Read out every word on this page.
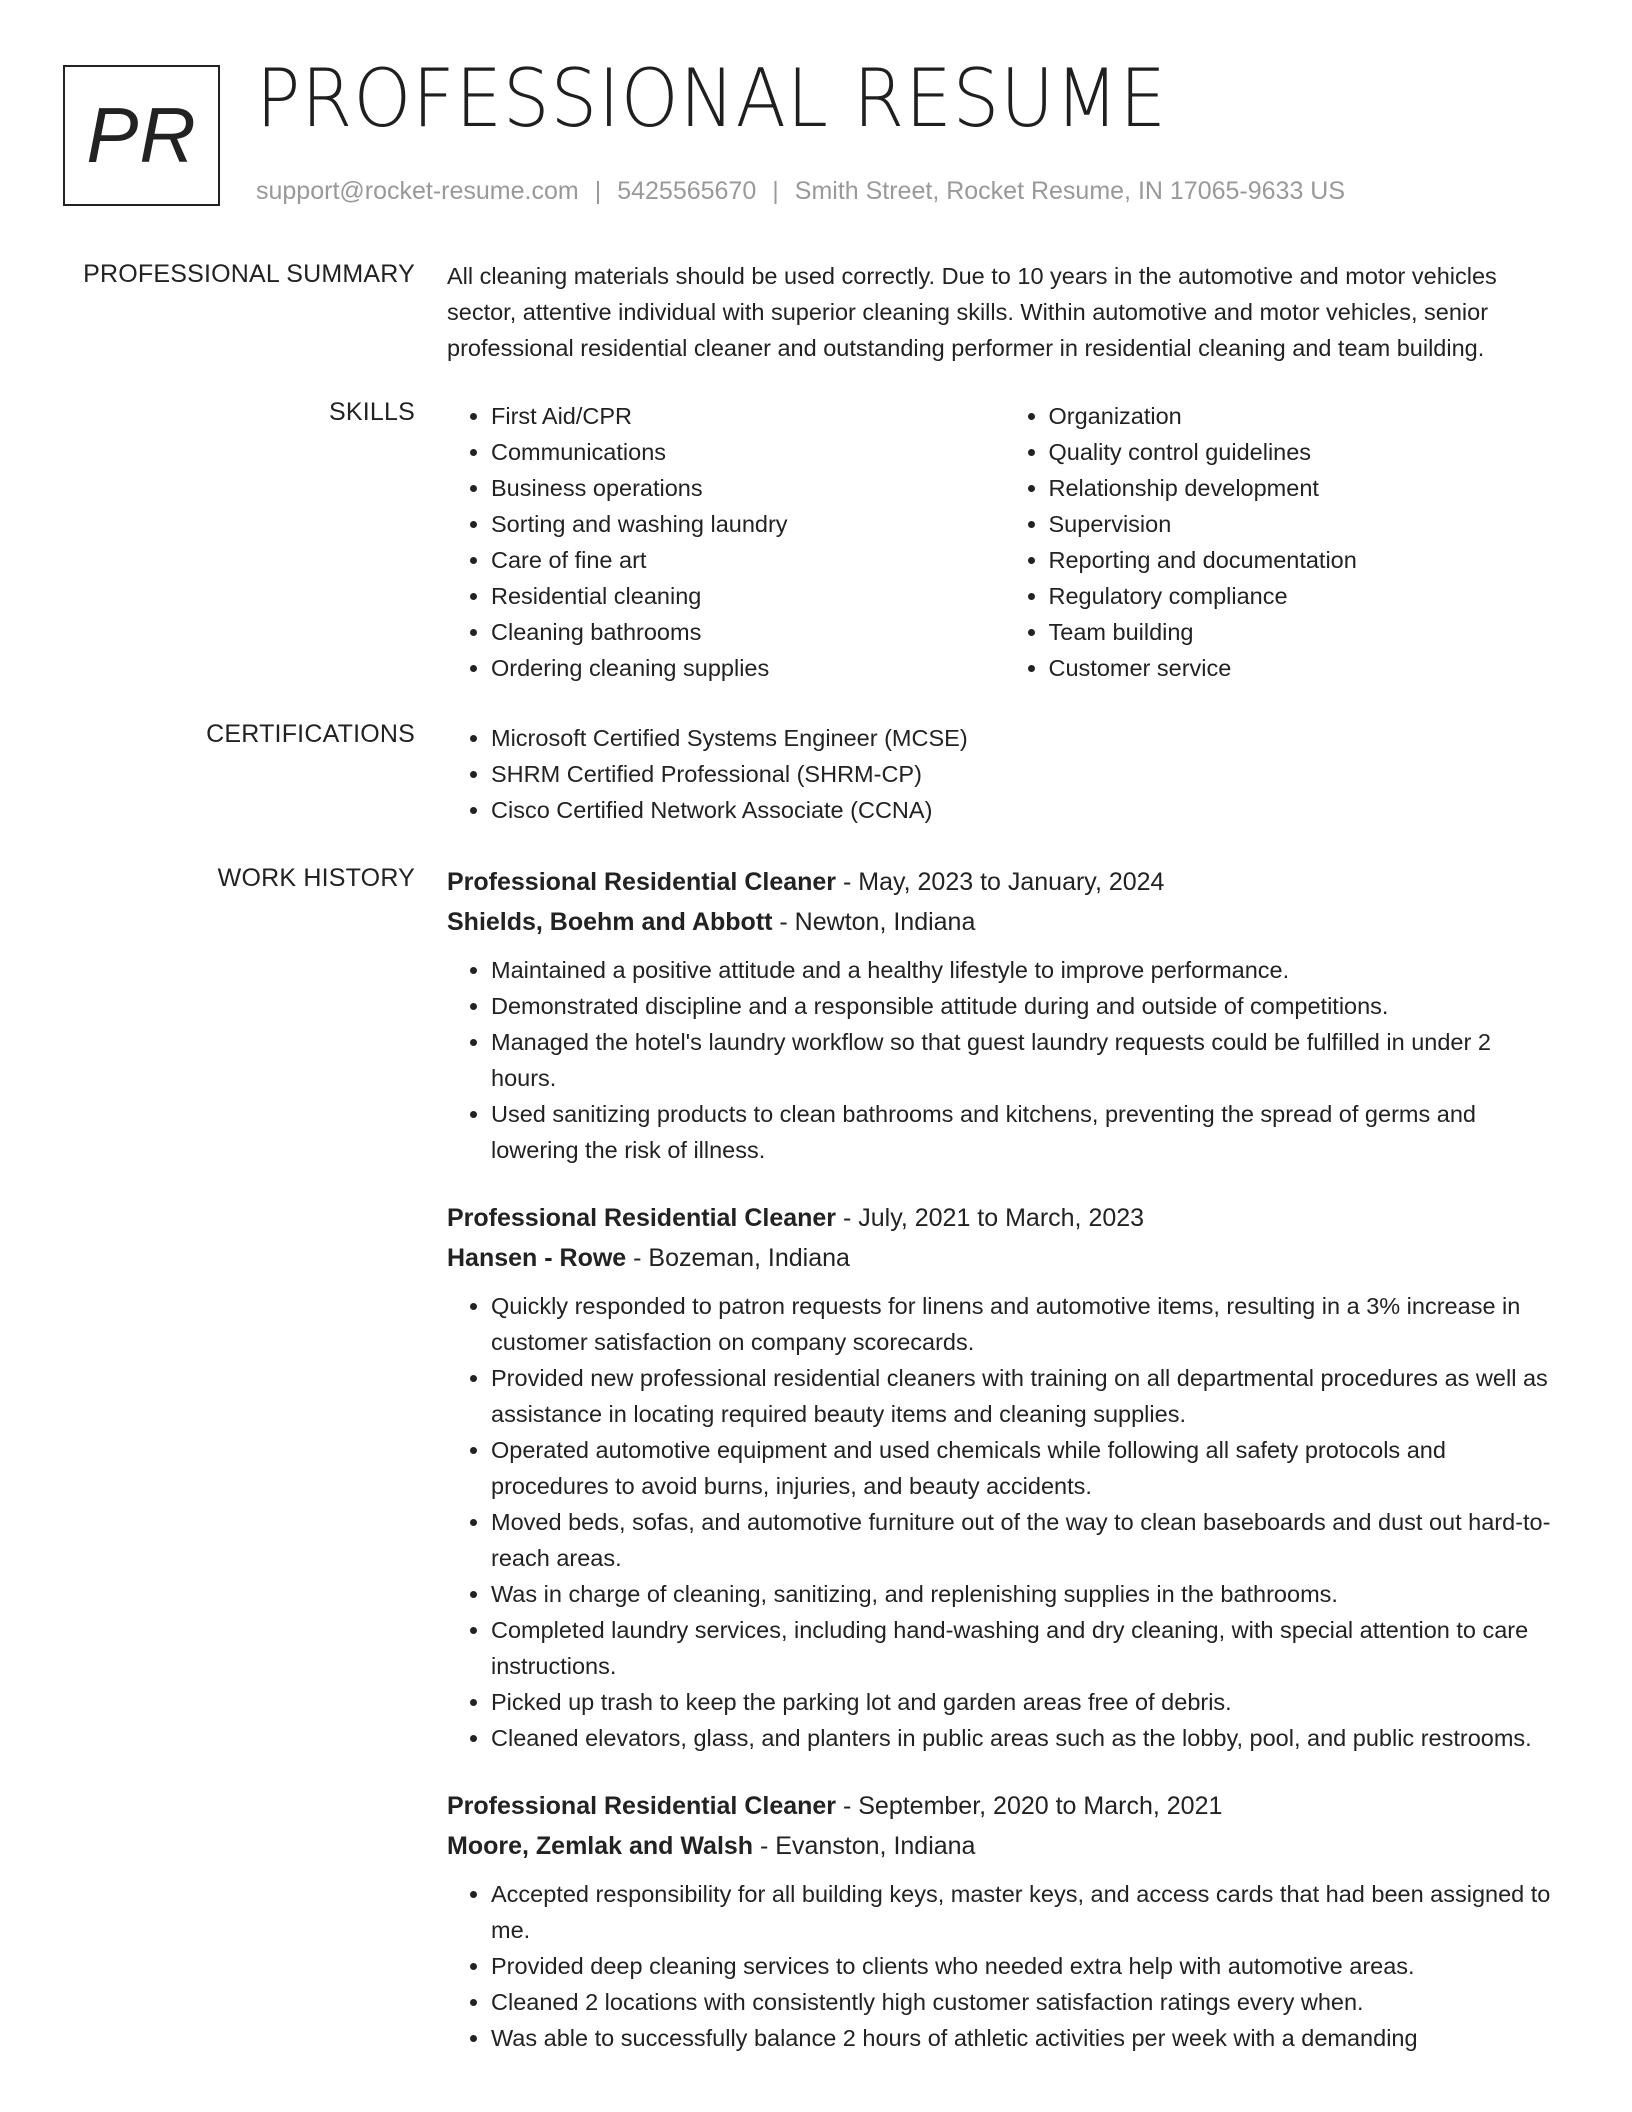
PR PROFESSIONAL RESUME
support@rocket-resume.com | 5425565670 | Smith Street, Rocket Resume, IN 17065-9633 US
PROFESSIONAL SUMMARY All cleaning materials should be used correctly. Due to 10 years in the automotive and motor vehicles sector, attentive individual with superior cleaning skills. Within automotive and motor vehicles, senior professional residential cleaner and outstanding performer in residential cleaning and team building.

SKILLS	• First Aid/CPR
• Communications
• Business operations
• Sorting and washing laundry
• Care of fine art
• Residential cleaning
• Cleaning bathrooms
• Ordering cleaning supplies
• Organization
• Quality control guidelines
• Relationship development
• Supervision
• Reporting and documentation
• Regulatory compliance
• Team building
• Customer service
CERTIFICATIONS	• Microsoft Certified Systems Engineer (MCSE)
• SHRM Certified Professional (SHRM-CP)
• Cisco Certified Network Associate (CCNA)
WORK HISTORY Professional Residential Cleaner - May, 2023 to January, 2024
Shields, Boehm and Abbott - Newton, Indiana
• Maintained a positive attitude and a healthy lifestyle to improve performance.
• Demonstrated discipline and a responsible attitude during and outside of competitions.
• Managed the hotel's laundry workflow so that guest laundry requests could be fulfilled in under 2 hours.
• Used sanitizing products to clean bathrooms and kitchens, preventing the spread of germs and lowering the risk of illness.
Professional Residential Cleaner - July, 2021 to March, 2023
Hansen - Rowe - Bozeman, Indiana
• Quickly responded to patron requests for linens and automotive items, resulting in a 3% increase in customer satisfaction on company scorecards.
• Provided new professional residential cleaners with training on all departmental procedures as well as assistance in locating required beauty items and cleaning supplies.
• Operated automotive equipment and used chemicals while following all safety protocols and procedures to avoid burns, injuries, and beauty accidents.
• Moved beds, sofas, and automotive furniture out of the way to clean baseboards and dust out hard-to-reach areas.
• Was in charge of cleaning, sanitizing, and replenishing supplies in the bathrooms.
• Completed laundry services, including hand-washing and dry cleaning, with special attention to care instructions.
• Picked up trash to keep the parking lot and garden areas free of debris.
• Cleaned elevators, glass, and planters in public areas such as the lobby, pool, and public restrooms.
Professional Residential Cleaner - September, 2020 to March, 2021
Moore, Zemlak and Walsh - Evanston, Indiana
• Accepted responsibility for all building keys, master keys, and access cards that had been assigned to me.
• Provided deep cleaning services to clients who needed extra help with automotive areas.
• Cleaned 2 locations with consistently high customer satisfaction ratings every when.
• Was able to successfully balance 2 hours of athletic activities per week with a demanding
